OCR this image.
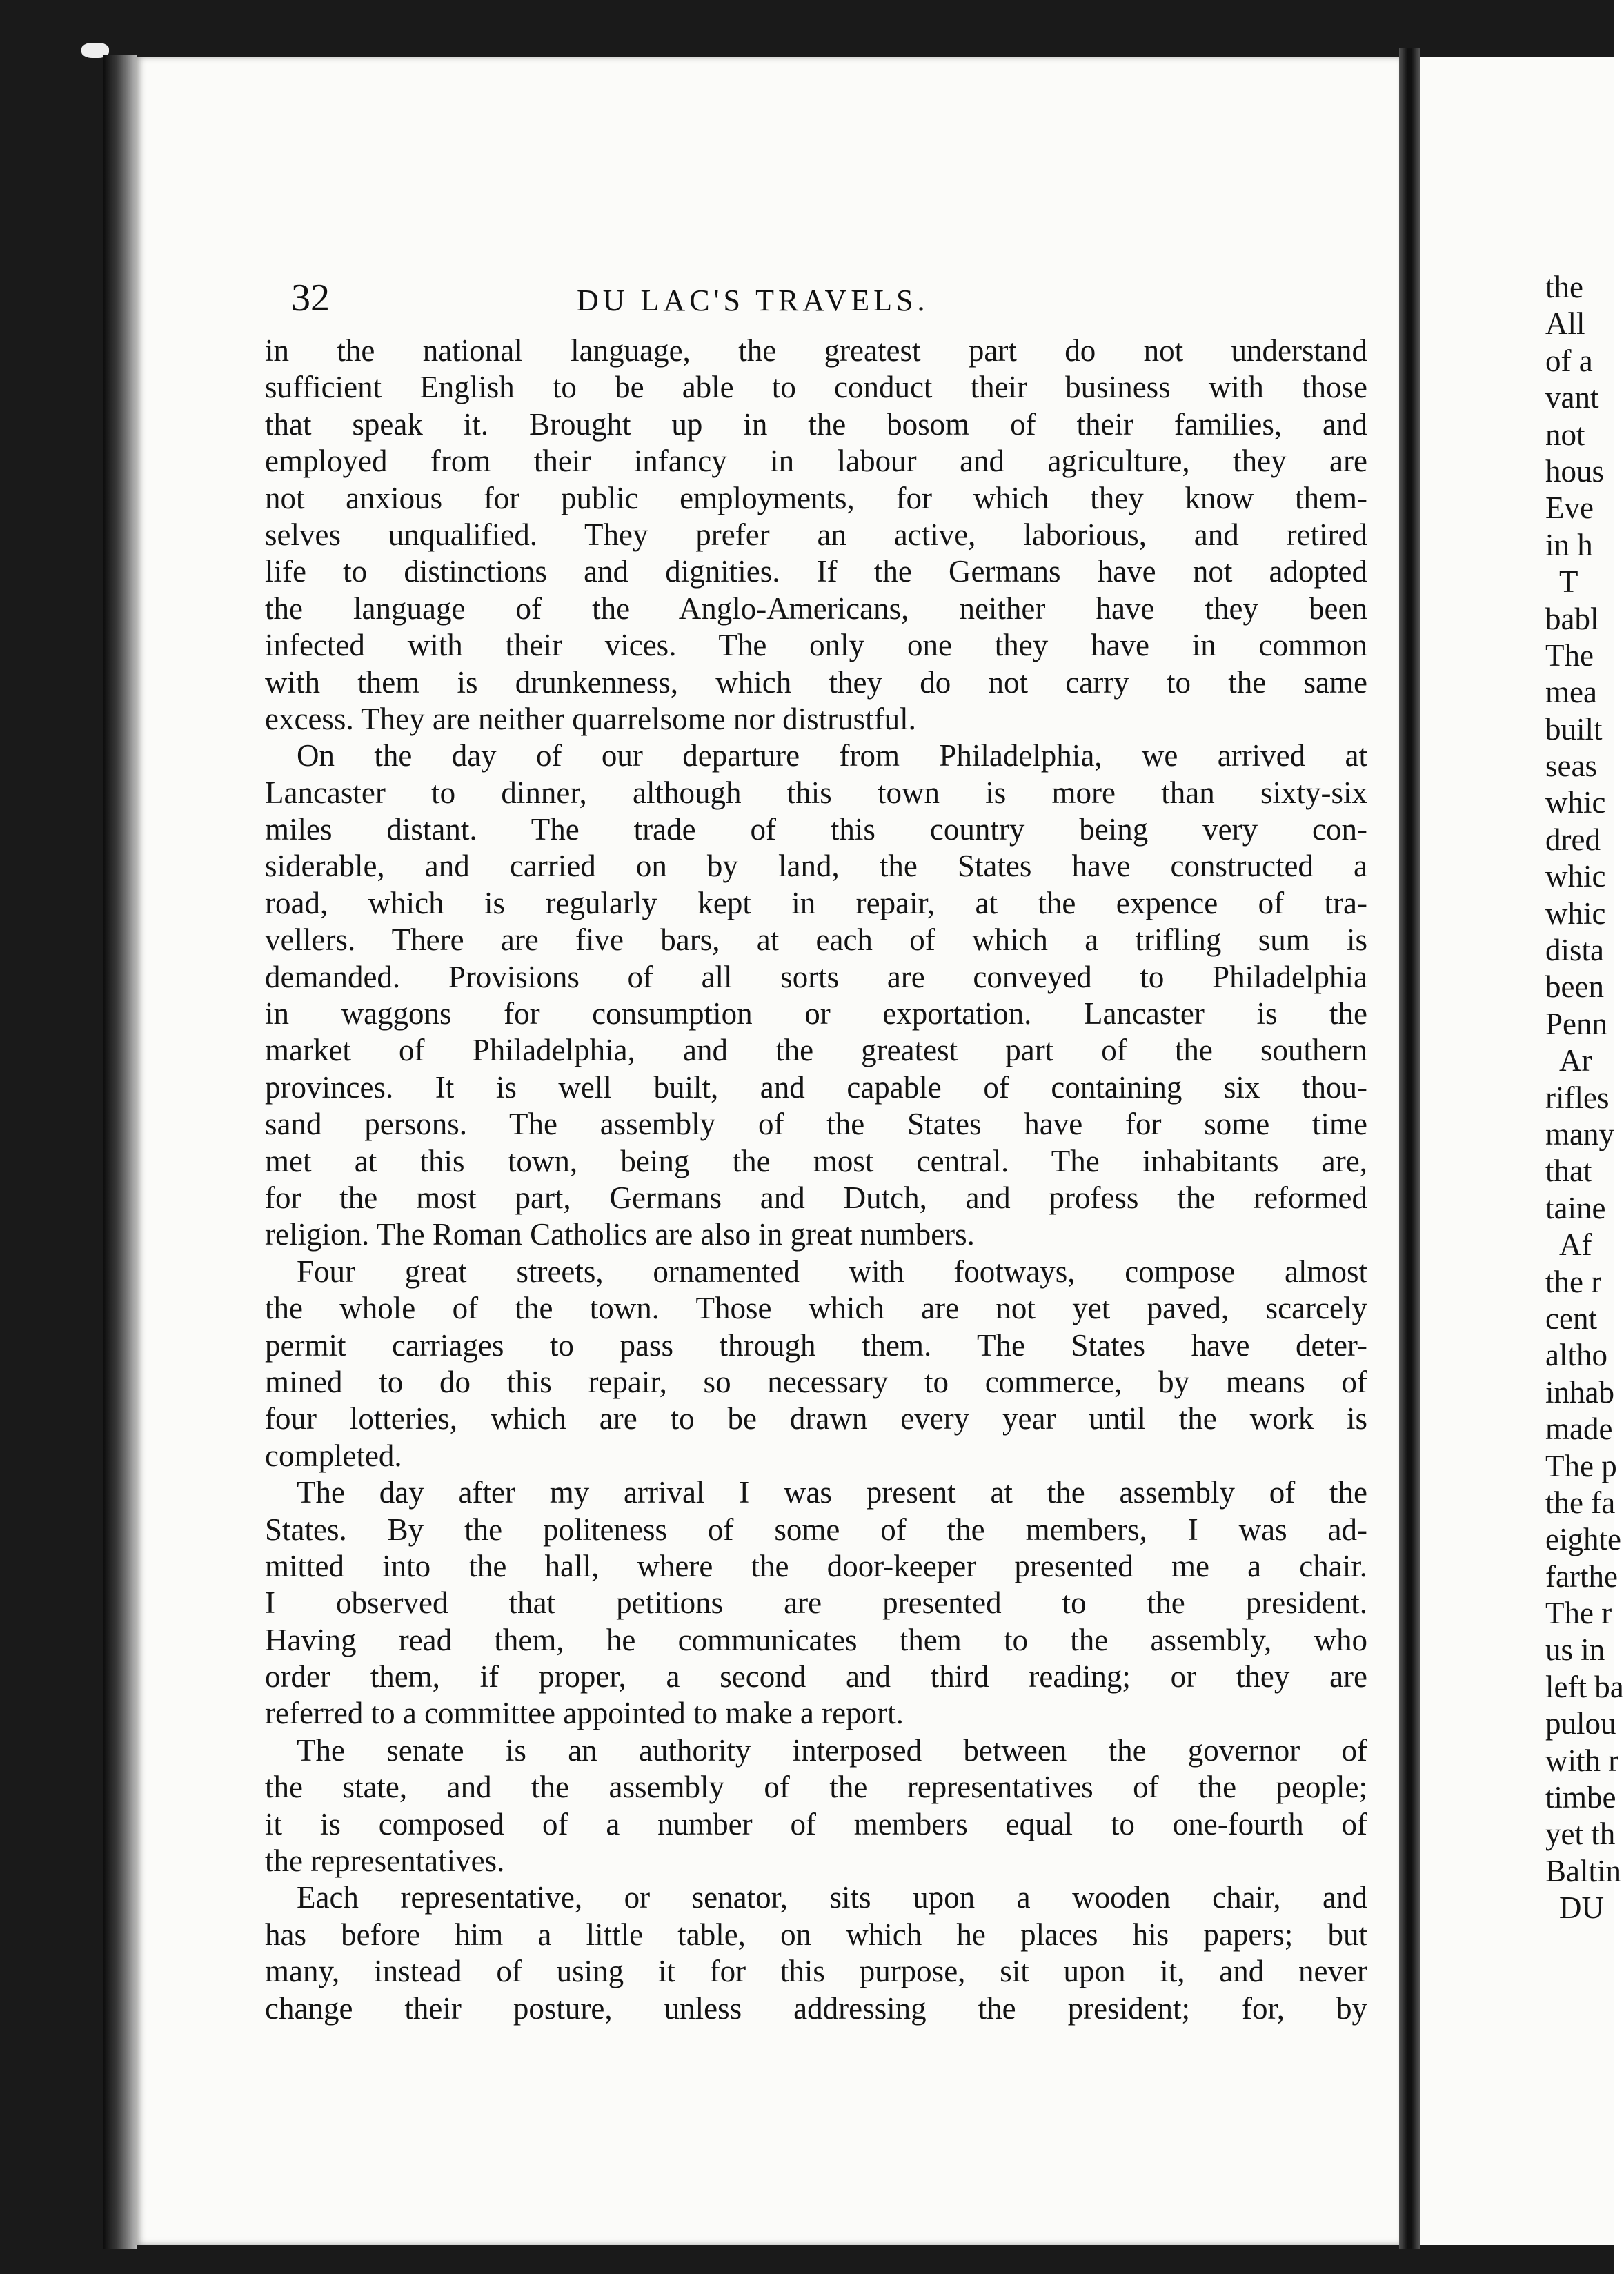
32	DU LAC'S TRAVELS.
in the national language, the greatest part do not understand
sufficient English to be able to conduct their business with those
that speak it. Brought up in the bosom of their families, and
employed from their infancy in labour and agriculture, they are
not anxious for public employments, for which they know them-
selves unqualified. They prefer an active, laborious, and retired
life to distinctions and dignities. If the Germans have not adopted
the language of the Anglo-Americans, neither have they been
infected with their vices. The only one they have in common
with them is drunkenness, which they do not carry to the same
excess. They are neither quarrelsome nor distrustful.
On the day of our departure from Philadelphia, we arrived at
Lancaster to dinner, although this town is more than sixty-six
miles distant. The trade of this country being very con-
siderable, and carried on by land, the States have constructed a
road, which is regularly kept in repair, at the expence of tra-
vellers. There are five bars, at each of which a trifling sum is
demanded. Provisions of all sorts are conveyed to Philadelphia
in waggons for consumption or exportation. Lancaster is the
market of Philadelphia, and the greatest part of the southern
provinces. It is well built, and capable of containing six thou-
sand persons. The assembly of the States have for some time
met at this town, being the most central. The inhabitants are,
for the most part, Germans and Dutch, and profess the reformed
religion. The Roman Catholics are also in great numbers.
Four great streets, ornamented with footways, compose almost
the whole of the town. Those which are not yet paved, scarcely
permit carriages to pass through them. The States have deter-
mined to do this repair, so necessary to commerce, by means of
four lotteries, which are to be drawn every year until the work is
completed.
The day after my arrival I was present at the assembly of the
States. By the politeness of some of the members, I was ad-
mitted into the hall, where the door-keeper presented me a chair.
I observed that petitions are presented to the president.
Having read them, he communicates them to the assembly, who
order them, if proper, a second and third reading; or they are
referred to a committee appointed to make a report.
The senate is an authority interposed between the governor of
the state, and the assembly of the representatives of the people;
it is composed of a number of members equal to one-fourth of
the representatives.
Each representative, or senator, sits upon a wooden chair, and
has before him a little table, on which he places his papers; but
many, instead of using it for this purpose, sit upon it, and never
change their posture, unless addressing the president; for, by
the
All
of a
vant
not
hous
Eve
in h
T
babl
The
mea
built
seas
whic
dred
whic
whic
dista
been
Penn
Ar
rifles
many
that
taine
Af
the r
cent
altho
inhab
made
The p
the fa
eighte
farthe
The r
us in
left ba
pulou
with r
timbe
yet th
Baltin
DU
